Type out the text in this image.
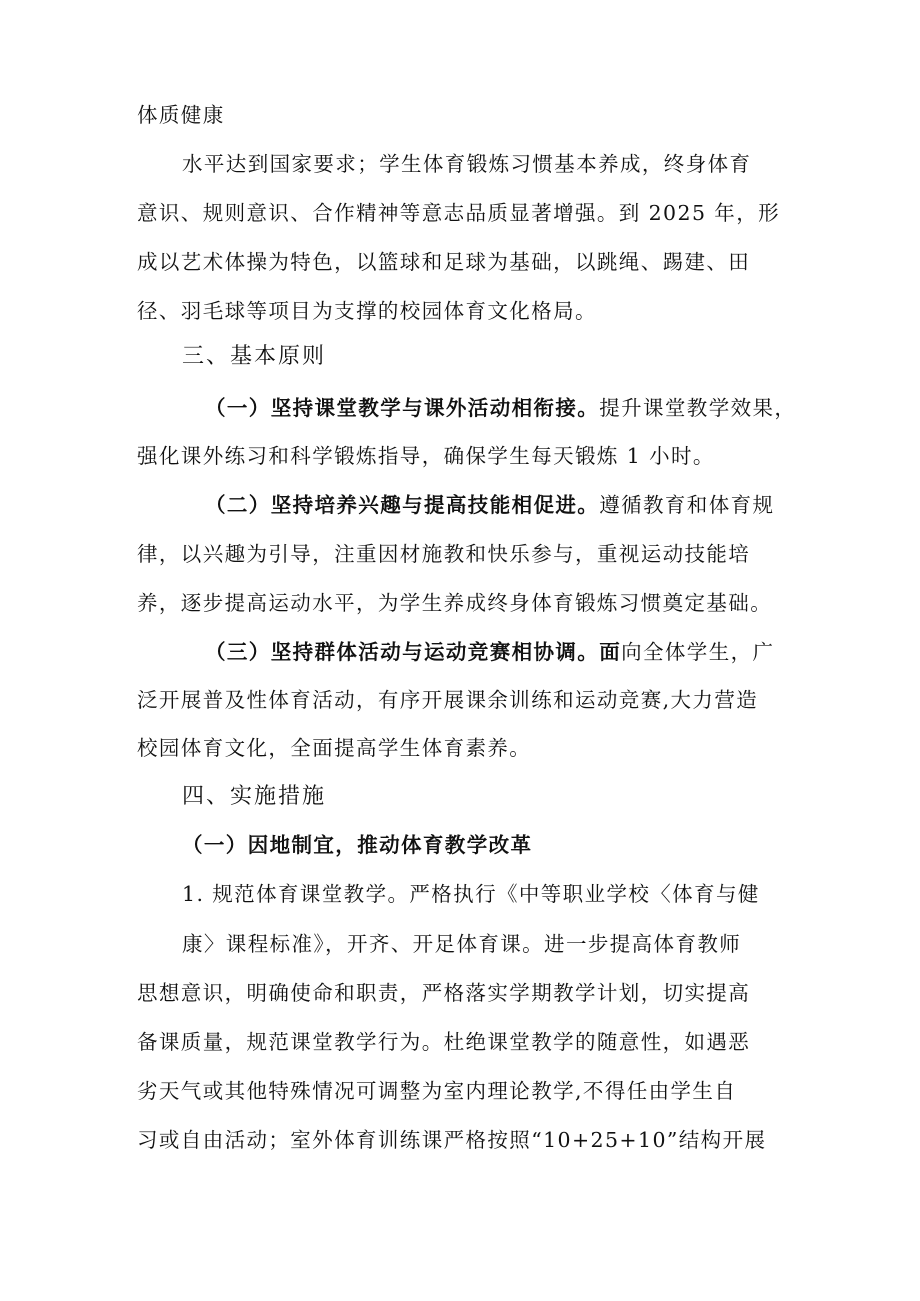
体质健康
水平达到国家要求；学生体育锻炼习惯基本养成，终身体育
意识、规则意识、合作精神等意志品质显著增强。到 2025 年，形
成以艺术体操为特色，以篮球和足球为基础，以跳绳、踢建、田
径、羽毛球等项目为支撑的校园体育文化格局。
三、基本原则
（一）坚持课堂教学与课外活动相衔接。提升课堂教学效果，
强化课外练习和科学锻炼指导，确保学生每天锻炼 1 小时。
（二）坚持培养兴趣与提高技能相促进。遵循教育和体育规
律，以兴趣为引导，注重因材施教和快乐参与，重视运动技能培
养，逐步提高运动水平，为学生养成终身体育锻炼习惯奠定基础。
（三）坚持群体活动与运动竞赛相协调。面向全体学生，广
泛开展普及性体育活动，有序开展课余训练和运动竞赛,大力营造
校园体育文化，全面提高学生体育素养。
四、实施措施
（一）因地制宜，推动体育教学改革
1. 规范体育课堂教学。严格执行《中等职业学校〈体育与健
康〉课程标准》，开齐、开足体育课。进一步提高体育教师
思想意识，明确使命和职责，严格落实学期教学计划，切实提高
备课质量，规范课堂教学行为。杜绝课堂教学的随意性，如遇恶
劣天气或其他特殊情况可调整为室内理论教学,不得任由学生自
习或自由活动；室外体育训练课严格按照“10+25+10”结构开展
